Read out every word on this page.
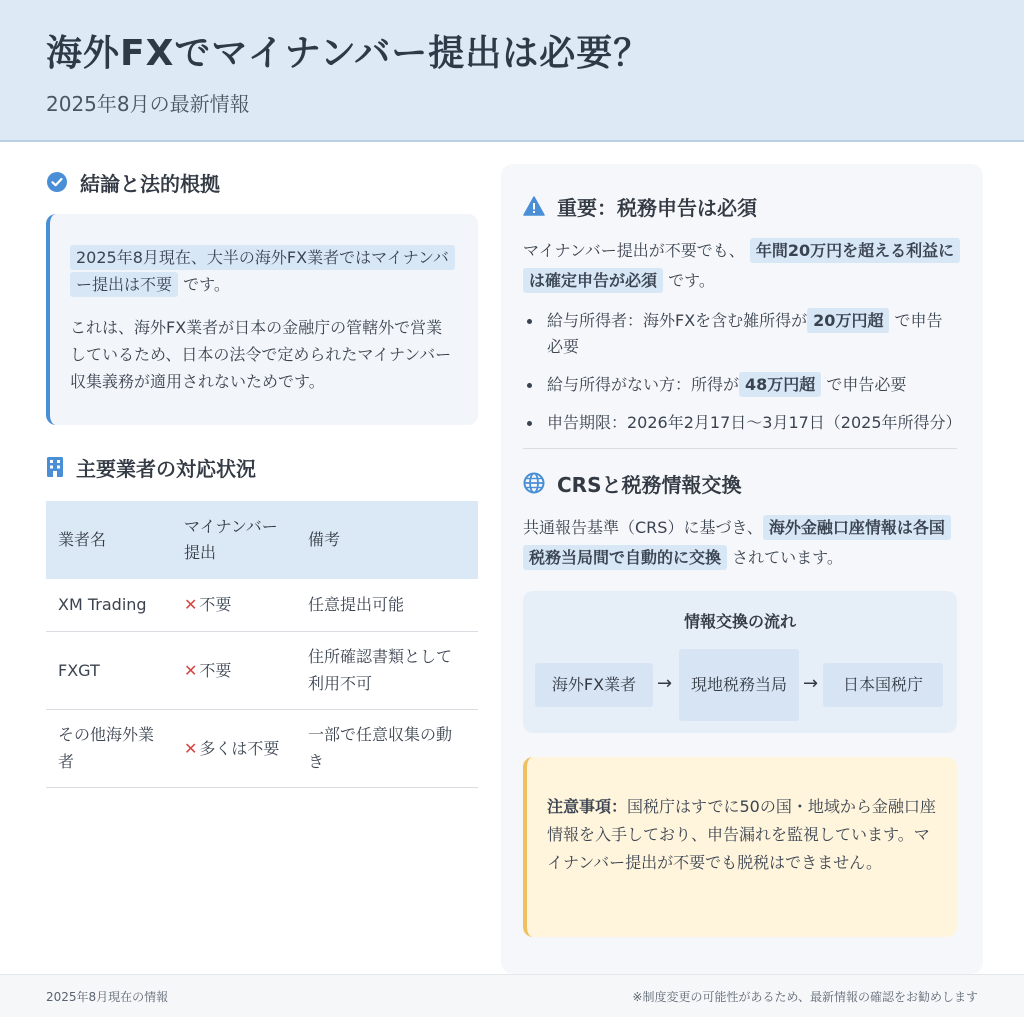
海外FXでマイナンバー提出は必要？
2025年8月の最新情報
結論と法的根拠

2025年8月現在、大半の海外FX業者ではマイナンバー提出は不要 です。

これは、海外FX業者が日本の金融庁の管轄外で営業しているため、日本の法令で定められたマイナンバー収集義務が適用されないためです。

主要業者の対応状況
業者名	マイナンバー提出	備考
XM Trading	✕ 不要	任意提出可能
FXGT	✕ 不要	住所確認書類として利用不可
その他海外業者	✕ 多くは不要	一部で任意収集の動き
重要：税務申告は必須

マイナンバー提出が不要でも、 年間20万円を超える利益には確定申告が必須 です。

給与所得者：海外FXを含む雑所得が 20万円超 で申告必要
給与所得がない方：所得が 48万円超 で申告必要
申告期限：2026年2月17日〜3月17日（2025年所得分）
CRSと税務情報交換

共通報告基準（CRS）に基づき、 海外金融口座情報は各国税務当局間で自動的に交換 されています。

情報交換の流れ
海外FX業者	→	現地税務当局 →	日本国税庁
注意事項：国税庁はすでに50の国・地域から金融口座情報を入手しており、申告漏れを監視しています。マイナンバー提出が不要でも脱税はできません。
2025年8月現在の情報	※制度変更の可能性があるため、最新情報の確認をお勧めします
